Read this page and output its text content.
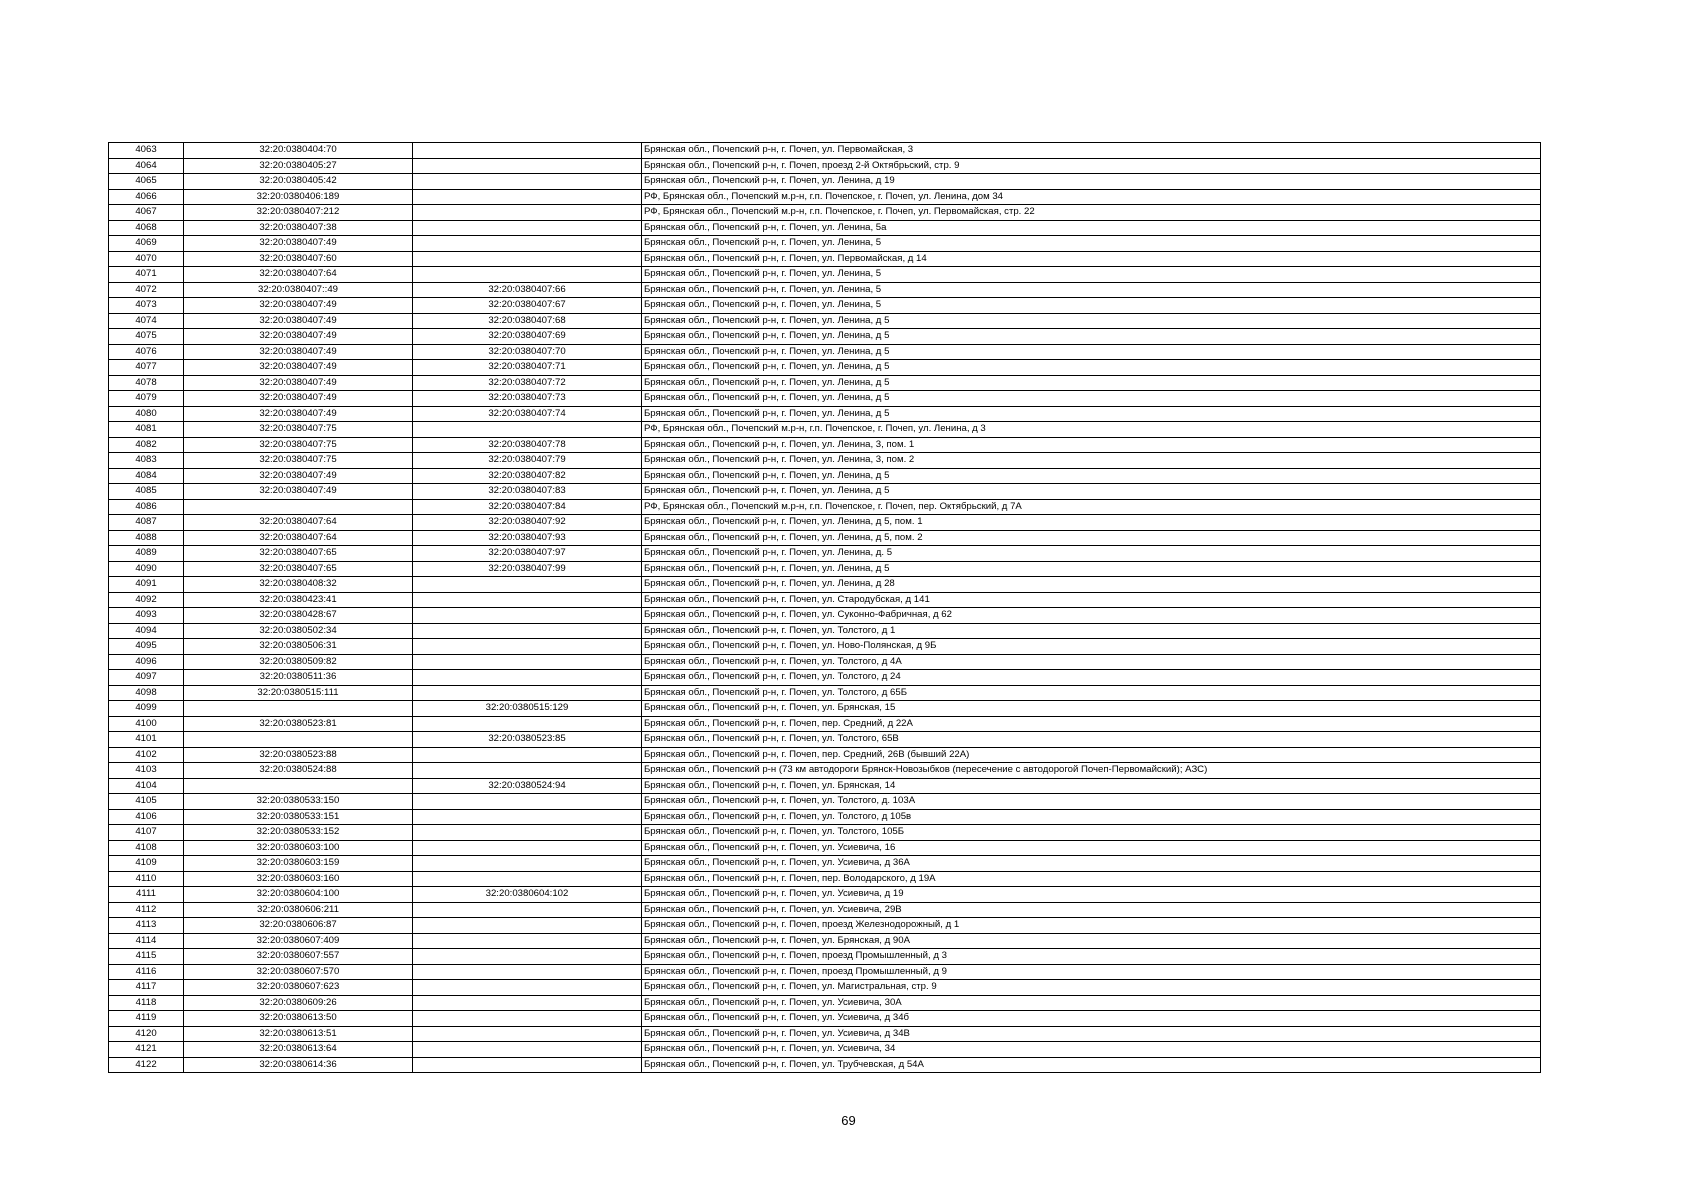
4063	32:20:0380404:70		Брянская обл., Почепский р-н, г. Почеп, ул. Первомайская, 3
4064	32:20:0380405:27		Брянская обл., Почепский р-н, г. Почеп, проезд 2-й Октябрьский, стр. 9
4065	32:20:0380405:42		Брянская обл., Почепский р-н, г. Почеп, ул. Ленина, д 19
4066	32:20:0380406:189		РФ, Брянская обл., Почепский м.р-н, г.п. Почепское, г. Почеп, ул. Ленина, дом 34
4067	32:20:0380407:212		РФ, Брянская обл., Почепский м.р-н, г.п. Почепское, г. Почеп, ул. Первомайская, стр. 22
4068	32:20:0380407:38		Брянская обл., Почепский р-н, г. Почеп, ул. Ленина, 5а
4069	32:20:0380407:49		Брянская обл., Почепский р-н, г. Почеп, ул. Ленина, 5
4070	32:20:0380407:60		Брянская обл., Почепский р-н, г. Почеп, ул. Первомайская, д 14
4071	32:20:0380407:64		Брянская обл., Почепский р-н, г. Почеп, ул. Ленина, 5
4072	32:20:0380407::49	32:20:0380407:66	Брянская обл., Почепский р-н, г. Почеп, ул. Ленина, 5
4073	32:20:0380407:49	32:20:0380407:67	Брянская обл., Почепский р-н, г. Почеп, ул. Ленина, 5
4074	32:20:0380407:49	32:20:0380407:68	Брянская обл., Почепский р-н, г. Почеп, ул. Ленина, д 5
4075	32:20:0380407:49	32:20:0380407:69	Брянская обл., Почепский р-н, г. Почеп, ул. Ленина, д 5
4076	32:20:0380407:49	32:20:0380407:70	Брянская обл., Почепский р-н, г. Почеп, ул. Ленина, д 5
4077	32:20:0380407:49	32:20:0380407:71	Брянская обл., Почепский р-н, г. Почеп, ул. Ленина, д 5
4078	32:20:0380407:49	32:20:0380407:72	Брянская обл., Почепский р-н, г. Почеп, ул. Ленина, д 5
4079	32:20:0380407:49	32:20:0380407:73	Брянская обл., Почепский р-н, г. Почеп, ул. Ленина, д 5
4080	32:20:0380407:49	32:20:0380407:74	Брянская обл., Почепский р-н, г. Почеп, ул. Ленина, д 5
4081	32:20:0380407:75		РФ, Брянская обл., Почепский м.р-н, г.п. Почепское, г. Почеп, ул. Ленина, д 3
4082	32:20:0380407:75	32:20:0380407:78	Брянская обл., Почепский р-н, г. Почеп, ул. Ленина, 3, пом. 1
4083	32:20:0380407:75	32:20:0380407:79	Брянская обл., Почепский р-н, г. Почеп, ул. Ленина, 3, пом. 2
4084	32:20:0380407:49	32:20:0380407:82	Брянская обл., Почепский р-н, г. Почеп, ул. Ленина, д 5
4085	32:20:0380407:49	32:20:0380407:83	Брянская обл., Почепский р-н, г. Почеп, ул. Ленина, д 5
4086		32:20:0380407:84	РФ, Брянская обл., Почепский м.р-н, г.п. Почепское, г. Почеп, пер. Октябрьский, д 7А
4087	32:20:0380407:64	32:20:0380407:92	Брянская обл., Почепский р-н, г. Почеп, ул. Ленина, д 5, пом. 1
4088	32:20:0380407:64	32:20:0380407:93	Брянская обл., Почепский р-н, г. Почеп, ул. Ленина, д 5, пом. 2
4089	32:20:0380407:65	32:20:0380407:97	Брянская обл., Почепский р-н, г. Почеп, ул. Ленина, д. 5
4090	32:20:0380407:65	32:20:0380407:99	Брянская обл., Почепский р-н, г. Почеп, ул. Ленина, д 5
4091	32:20:0380408:32		Брянская обл., Почепский р-н, г. Почеп, ул. Ленина, д 28
4092	32:20:0380423:41		Брянская обл., Почепский р-н, г. Почеп, ул. Стародубская, д 141
4093	32:20:0380428:67		Брянская обл., Почепский р-н, г. Почеп, ул. Суконно-Фабричная, д 62
4094	32:20:0380502:34		Брянская обл., Почепский р-н, г. Почеп, ул. Толстого, д 1
4095	32:20:0380506:31		Брянская обл., Почепский р-н, г. Почеп, ул. Ново-Полянская, д 9Б
4096	32:20:0380509:82		Брянская обл., Почепский р-н, г. Почеп, ул. Толстого, д 4А
4097	32:20:0380511:36		Брянская обл., Почепский р-н, г. Почеп, ул. Толстого, д 24
4098	32:20:0380515:111		Брянская обл., Почепский р-н, г. Почеп, ул. Толстого, д 65Б
4099		32:20:0380515:129	Брянская обл., Почепский р-н, г. Почеп, ул. Брянская, 15
4100	32:20:0380523:81		Брянская обл., Почепский р-н, г. Почеп, пер. Средний, д 22А
4101		32:20:0380523:85	Брянская обл., Почепский р-н, г. Почеп, ул. Толстого, 65В
4102	32:20:0380523:88		Брянская обл., Почепский р-н, г. Почеп, пер. Средний, 26В (бывший 22А)
4103	32:20:0380524:88		Брянская обл., Почепский р-н (73 км автодороги Брянск-Новозыбков (пересечение с автодорогой Почеп-Первомайский); АЗС)
4104		32:20:0380524:94	Брянская обл., Почепский р-н, г. Почеп, ул. Брянская, 14
4105	32:20:0380533:150		Брянская обл., Почепский р-н, г. Почеп, ул. Толстого, д. 103А
4106	32:20:0380533:151		Брянская обл., Почепский р-н, г. Почеп, ул. Толстого, д 105в
4107	32:20:0380533:152		Брянская обл., Почепский р-н, г. Почеп, ул. Толстого, 105Б
4108	32:20:0380603:100		Брянская обл., Почепский р-н, г. Почеп, ул. Усиевича, 16
4109	32:20:0380603:159		Брянская обл., Почепский р-н, г. Почеп, ул. Усиевича, д 36А
4110	32:20:0380603:160		Брянская обл., Почепский р-н, г. Почеп, пер. Володарского, д 19А
4111	32:20:0380604:100	32:20:0380604:102	Брянская обл., Почепский р-н, г. Почеп, ул. Усиевича, д 19
4112	32:20:0380606:211		Брянская обл., Почепский р-н, г. Почеп, ул. Усиевича, 29В
4113	32:20:0380606:87		Брянская обл., Почепский р-н, г. Почеп, проезд Железнодорожный, д 1
4114	32:20:0380607:409		Брянская обл., Почепский р-н, г. Почеп, ул. Брянская, д 90А
4115	32:20:0380607:557		Брянская обл., Почепский р-н, г. Почеп, проезд Промышленный, д 3
4116	32:20:0380607:570		Брянская обл., Почепский р-н, г. Почеп, проезд Промышленный, д 9
4117	32:20:0380607:623		Брянская обл., Почепский р-н, г. Почеп, ул. Магистральная, стр. 9
4118	32:20:0380609:26		Брянская обл., Почепский р-н, г. Почеп, ул. Усиевича, 30А
4119	32:20:0380613:50		Брянская обл., Почепский р-н, г. Почеп, ул. Усиевича, д 34б
4120	32:20:0380613:51		Брянская обл., Почепский р-н, г. Почеп, ул. Усиевича, д 34В
4121	32:20:0380613:64		Брянская обл., Почепский р-н, г. Почеп, ул. Усиевича, 34
4122	32:20:0380614:36		Брянская обл., Почепский р-н, г. Почеп, ул. Трубчевская, д 54А
69
